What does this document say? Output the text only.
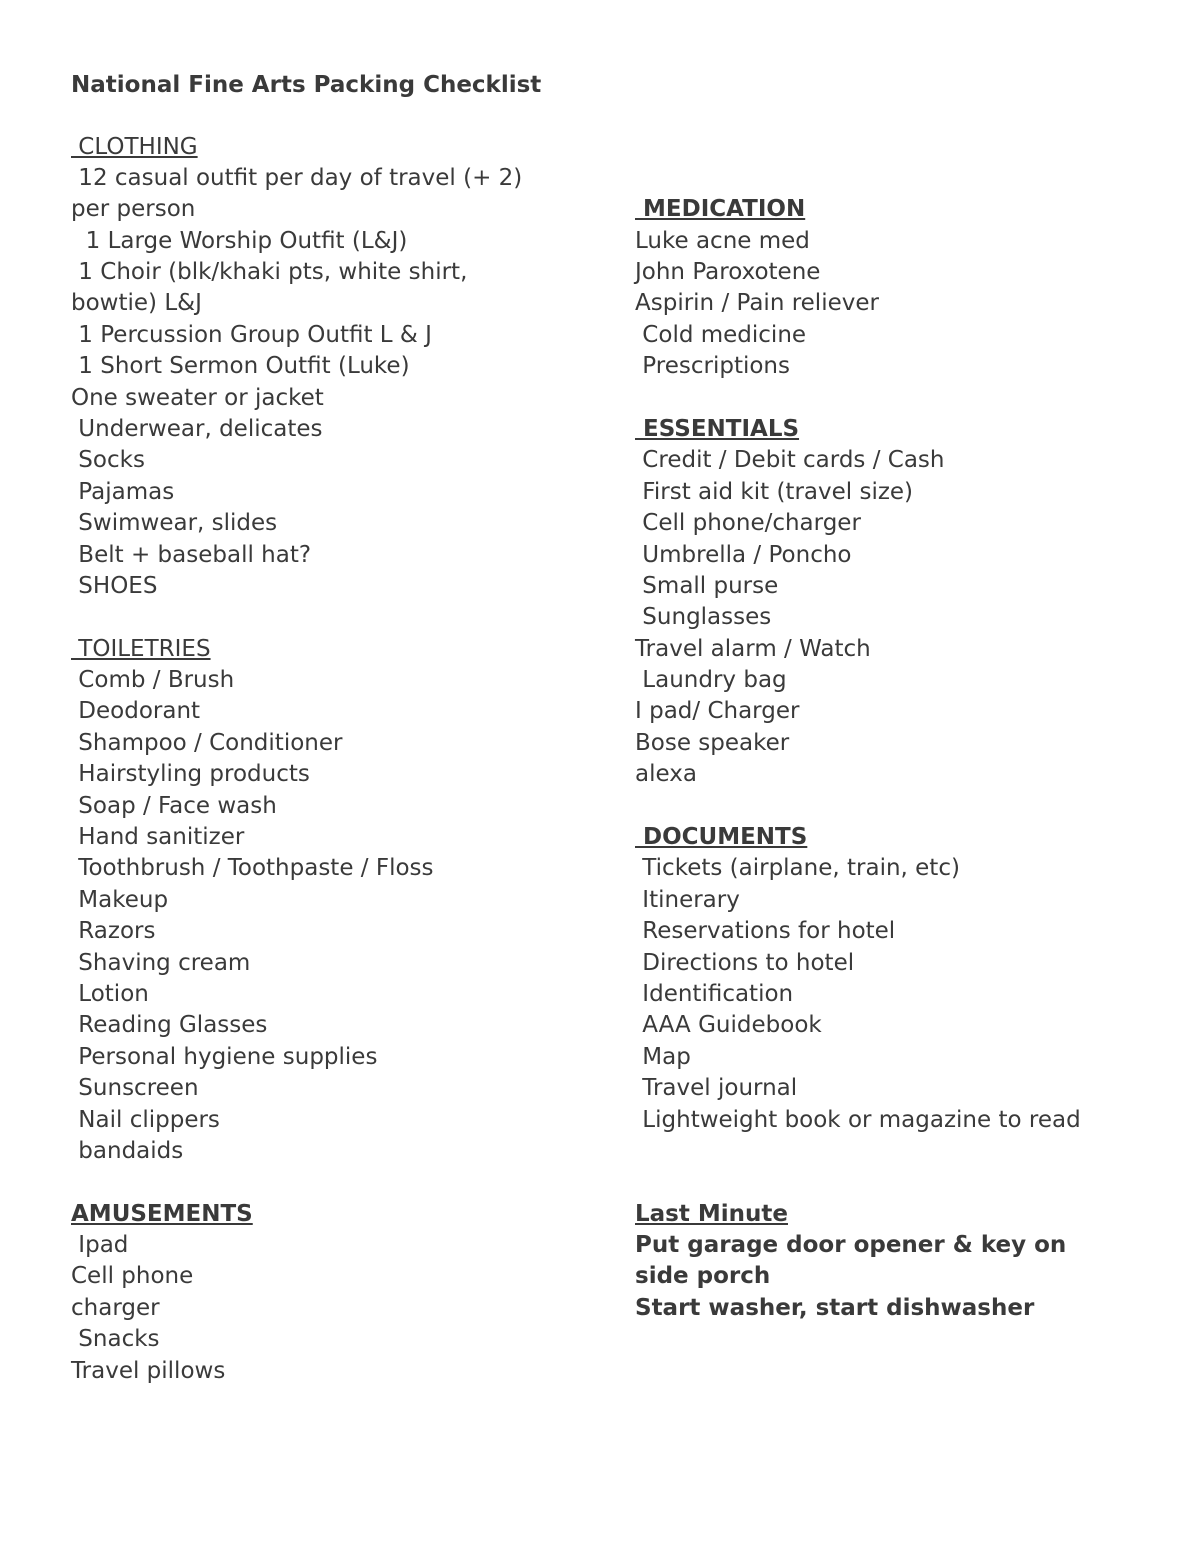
National Fine Arts Packing Checklist
CLOTHING
12 casual outfit per day of travel (+ 2)
per person
1 Large Worship Outfit (L&J)
1 Choir (blk/khaki pts, white shirt,
bowtie) L&J
1 Percussion Group Outfit L & J
1 Short Sermon Outfit (Luke)
One sweater or jacket
Underwear, delicates
Socks
Pajamas
Swimwear, slides
Belt + baseball hat?
SHOES
TOILETRIES
Comb / Brush
Deodorant
Shampoo / Conditioner
Hairstyling products
Soap / Face wash
Hand sanitizer
Toothbrush / Toothpaste / Floss
Makeup
Razors
Shaving cream
Lotion
Reading Glasses
Personal hygiene supplies
Sunscreen
Nail clippers
bandaids
AMUSEMENTS
Ipad
Cell phone
charger
Snacks
Travel pillows
MEDICATION
Luke acne med
John Paroxotene
Aspirin / Pain reliever
Cold medicine
Prescriptions
ESSENTIALS
Credit / Debit cards / Cash
First aid kit (travel size)
Cell phone/charger
Umbrella / Poncho
Small purse
Sunglasses
Travel alarm / Watch
Laundry bag
I pad/ Charger
Bose speaker
alexa
DOCUMENTS
Tickets (airplane, train, etc)
Itinerary
Reservations for hotel
Directions to hotel
Identification
AAA Guidebook
Map
Travel journal
Lightweight book or magazine to read
Last Minute
Put garage door opener & key on
side porch
Start washer, start dishwasher
